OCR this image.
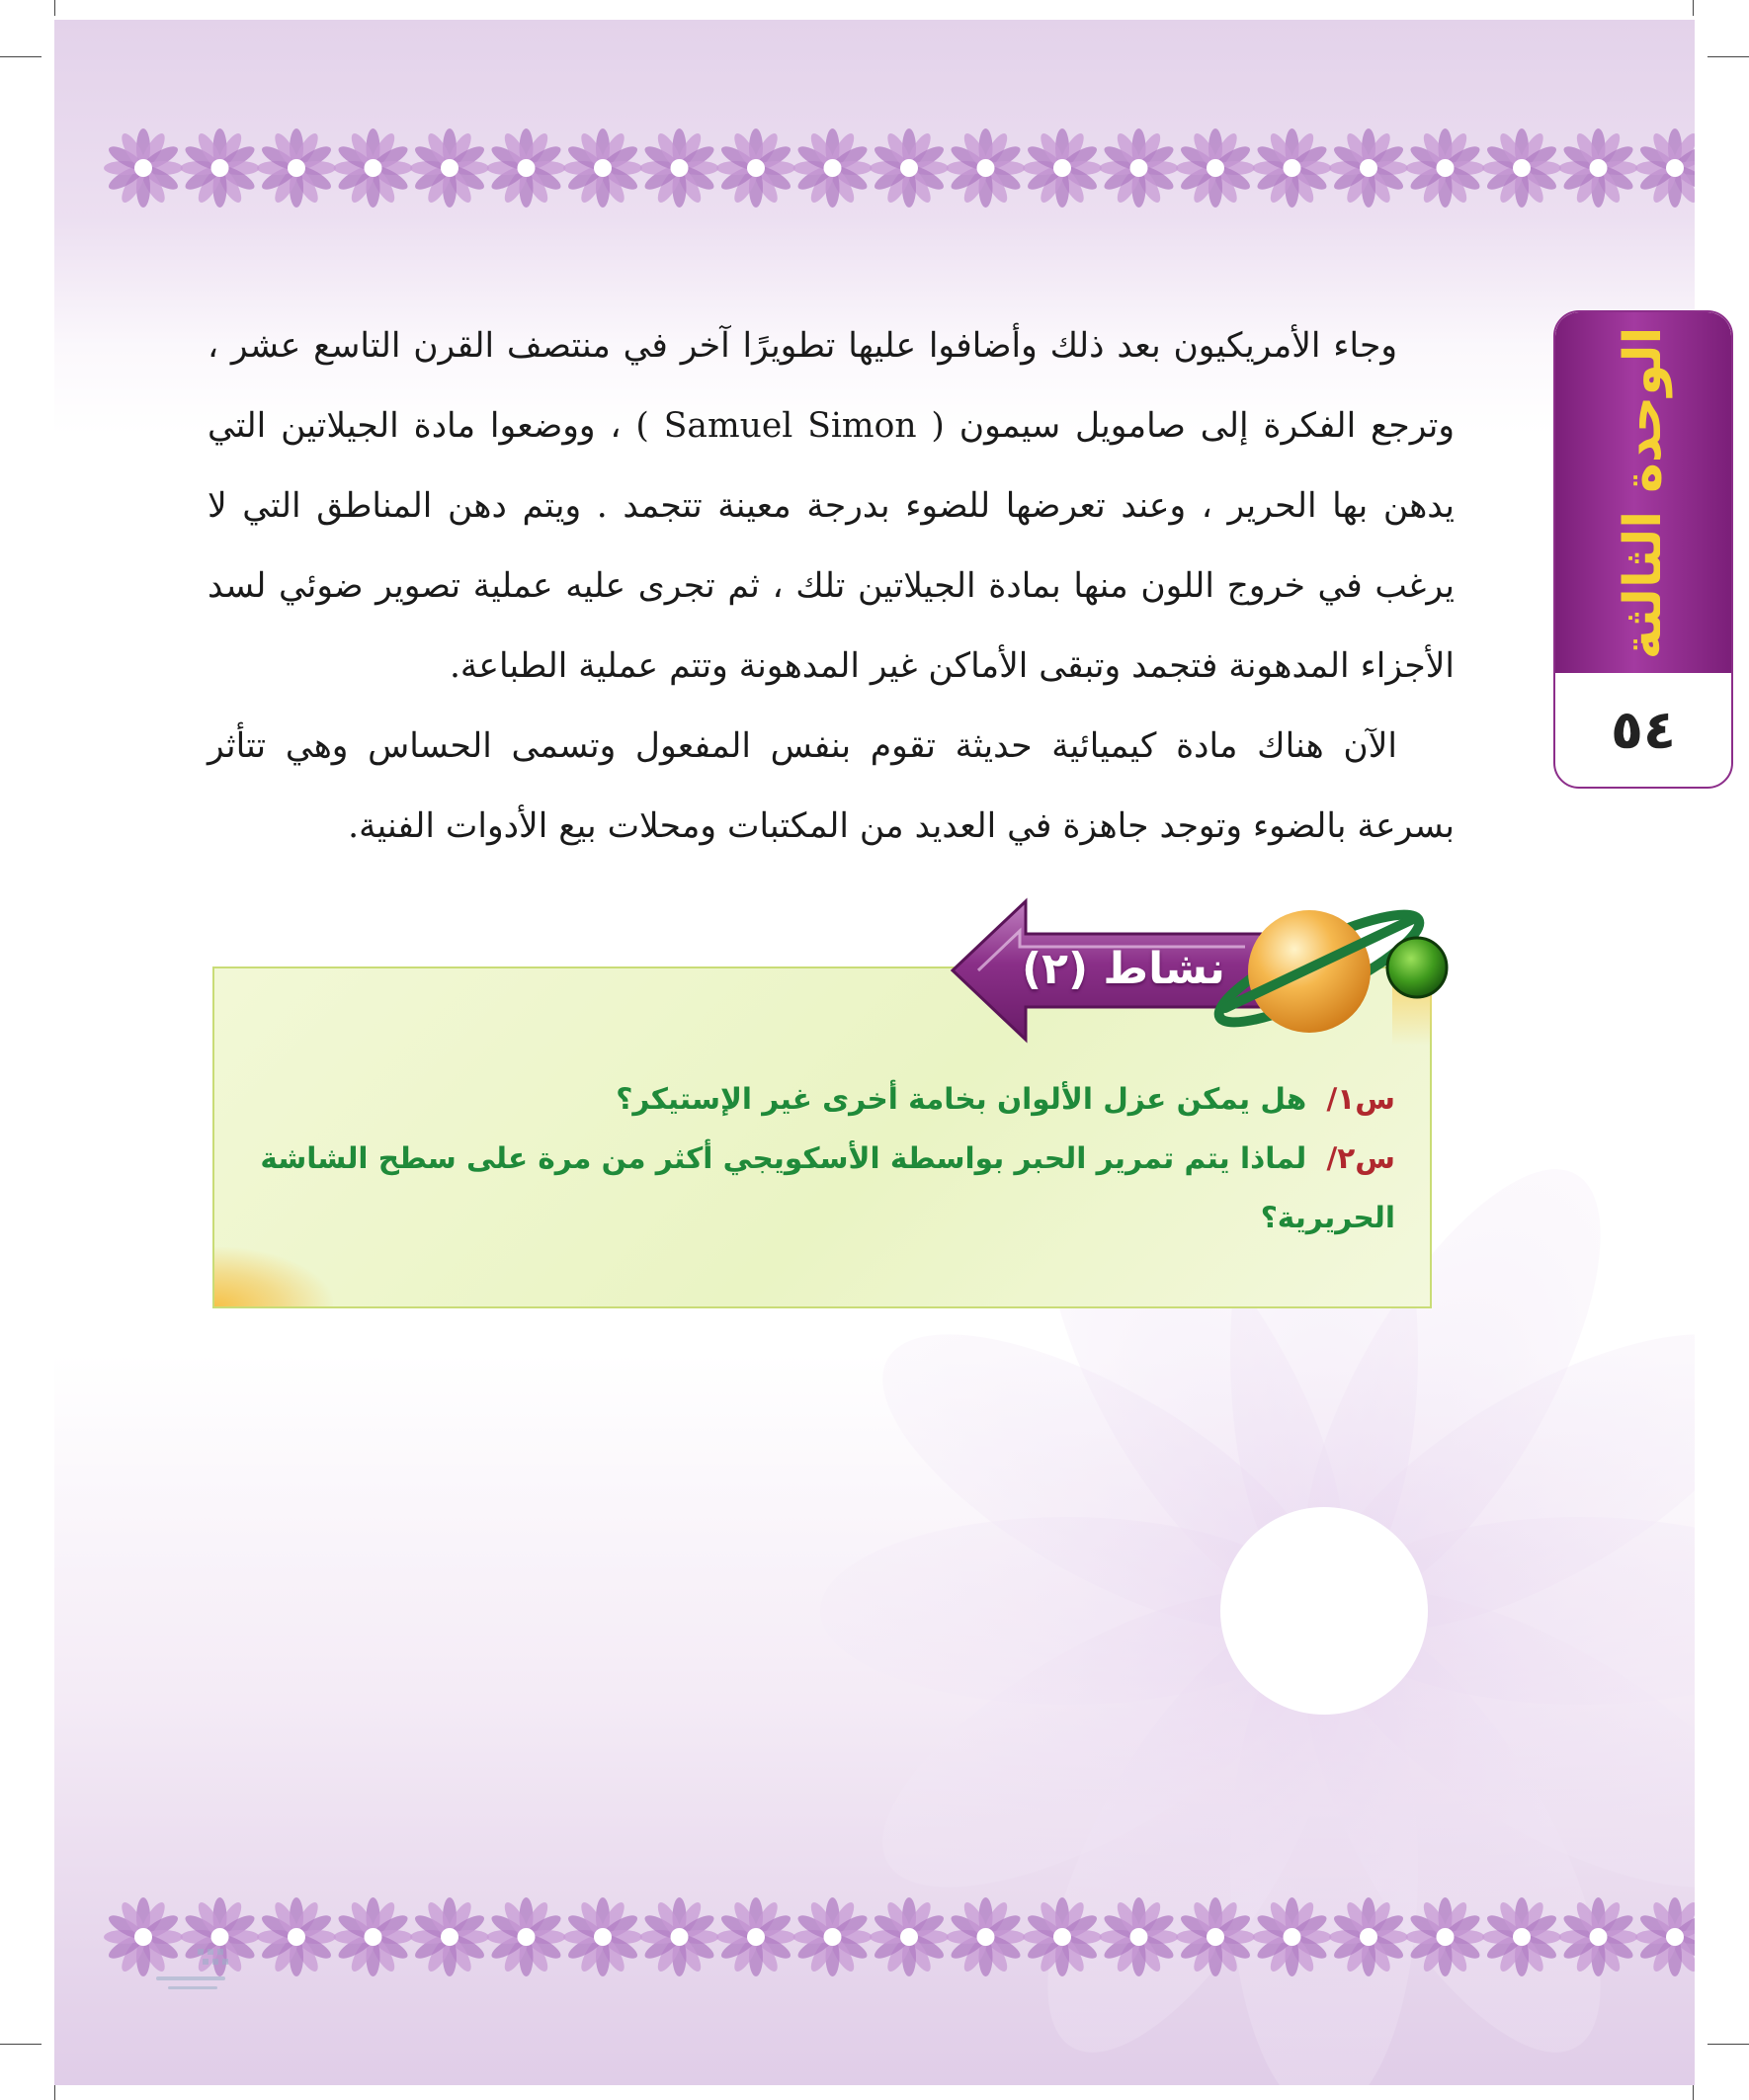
الوحدة الثالثة
٥٤

وجاء الأمريكيون بعد ذلك وأضافوا عليها تطويرًا آخر في منتصف القرن التاسع عشر ، وترجع الفكرة إلى صامويل سيمون ( Samuel Simon ) ، ووضعوا مادة الجيلاتين التي يدهن بها الحرير ، وعند تعرضها للضوء بدرجة معينة تتجمد . ويتم دهن المناطق التي لا يرغب في خروج اللون منها بمادة الجيلاتين تلك ، ثم تجرى عليه عملية تصوير ضوئي لسد الأجزاء المدهونة فتجمد وتبقى الأماكن غير المدهونة وتتم عملية الطباعة.

الآن هناك مادة كيميائية حديثة تقوم بنفس المفعول وتسمى الحساس وهي تتأثر بسرعة بالضوء وتوجد جاهزة في العديد من المكتبات ومحلات بيع الأدوات الفنية.

نشاط (٢)
س١/ هل يمكن عزل الألوان بخامة أخرى غير الإستيكر؟
س٢/ لماذا يتم تمرير الحبر بواسطة الأسكويجي أكثر من مرة على سطح الشاشة الحريرية؟
